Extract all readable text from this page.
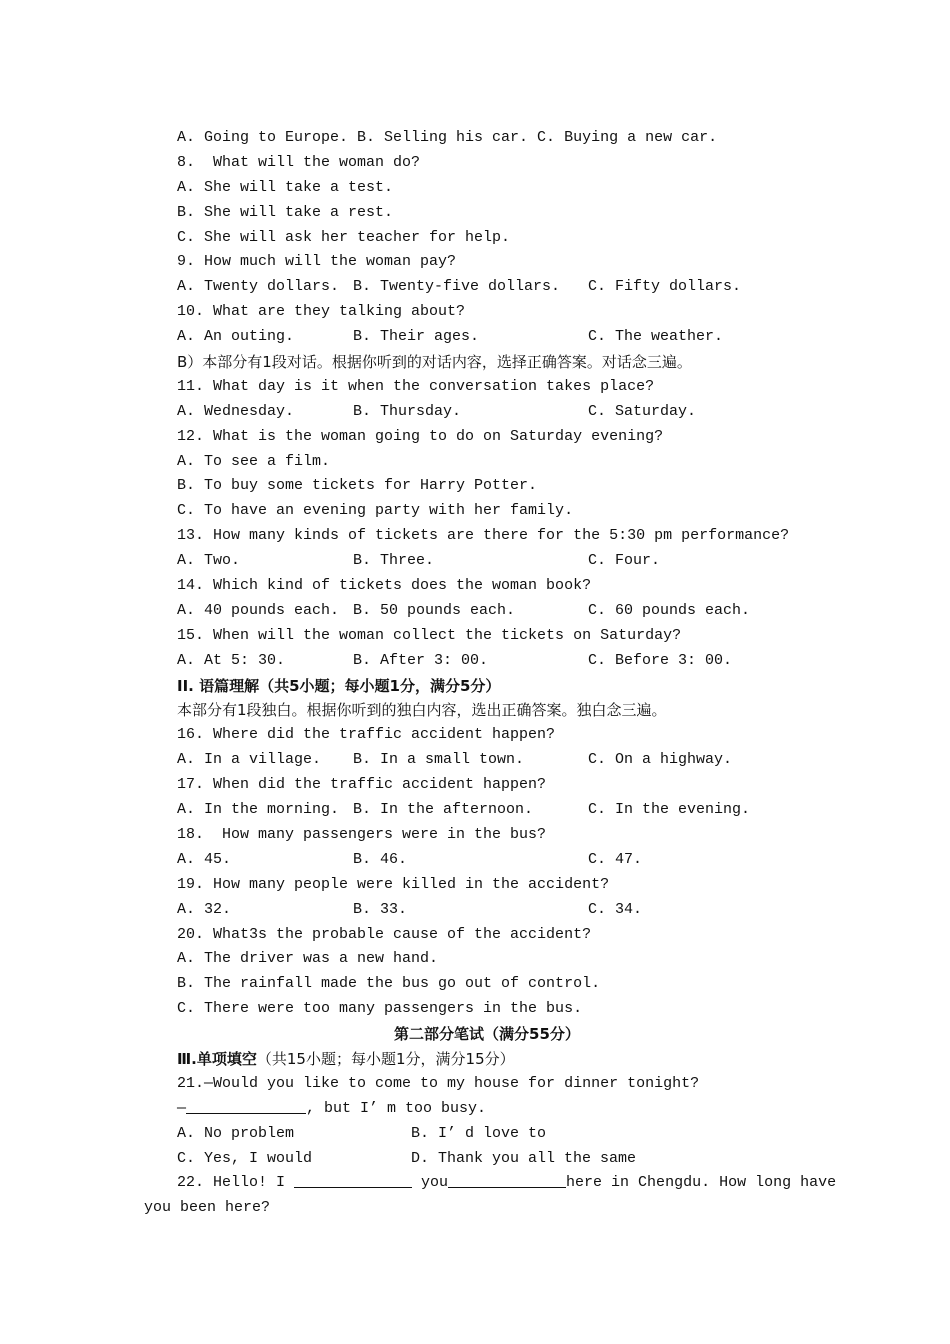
A. Going to Europe. B. Selling his car. C. Buying a new car.
8.  What will the woman do?
A. She will take a test.
B. She will take a rest.
C. She will ask her teacher for help.
9. How much will the woman pay?
A. Twenty dollars. B. Twenty-five dollars.	C. Fifty dollars.
10. What are they talking about?
A. An outing.	B. Their ages.	C. The weather.
B）本部分有1段对话。根据你听到的对话内容，选择正确答案。对话念三遍。
11. What day is it when the conversation takes place?
A. Wednesday.	B. Thursday.	C. Saturday.
12. What is the woman going to do on Saturday evening?
A. To see a film.
B. To buy some tickets for Harry Potter.
C. To have an evening party with her family.
13. How many kinds of tickets are there for the 5:30 pm performance?
A. Two.	B. Three.	C. Four.
14. Which kind of tickets does the woman book?
A. 40 pounds each. B. 50 pounds each.	C. 60 pounds each.
15. When will the woman collect the tickets on Saturday?
A. At 5: 30.	B. After 3: 00.	C. Before 3: 00.
II. 语篇理解（共5小题；每小题1分，满分5分）
本部分有1段独白。根据你听到的独白内容，选出正确答案。独白念三遍。
16. Where did the traffic accident happen?
A. In a village.	B. In a small town.	C. On a highway.
17. When did the traffic accident happen?
A. In the morning. B. In the afternoon.	C. In the evening.
18.  How many passengers were in the bus?
A. 45.	B. 46.	C. 47.
19. How many people were killed in the accident?
A. 32.	B. 33.	C. 34.
20. What3s the probable cause of the accident?
A. The driver was a new hand.
B. The rainfall made the bus go out of control.
C. There were too many passengers in the bus.
第二部分笔试（满分55分）
Ⅲ.单项填空（共15小题；每小题1分，满分15分）
21.—Would you like to come to my house for dinner tonight?
—	, but I’ m too busy.
A. No problem	B. I’ d love to
C. Yes, I would	D. Thank you all the same
22. Hello! I	you	here in Chengdu. How long have
you been here?
